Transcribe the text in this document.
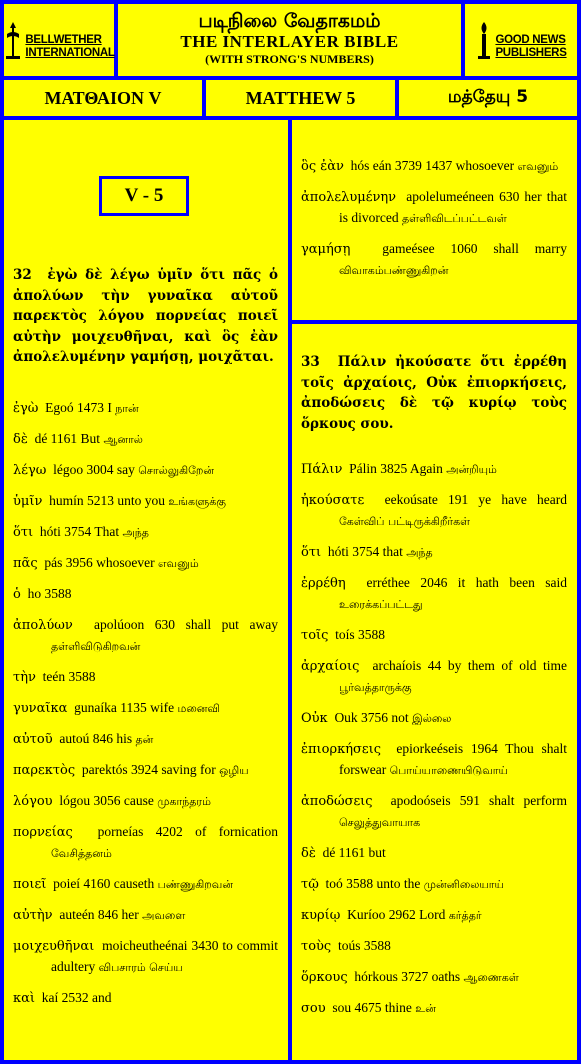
BELLWETHER
INTERNATIONAL
படிநிலை வேதாகமம்
THE INTERLAYER BIBLE
(WITH STRONG'S NUMBERS)
GOOD NEWS
PUBLISHERS
ΜΑΤΘΑΙΟΝ V	MATTHEW 5	மத்தேயு 5
V - 5
32 ἐγὼ δὲ λέγω ὑμῖν ὅτι πᾶς ὁ ἀπολύων τὴν γυναῖκα αὐτοῦ παρεκτὸς λόγου πορνείας ποιεῖ αὐτὴν μοιχευθῆναι, καὶ ὃς ἐὰν ἀπολελυμένην γαμήσῃ, μοιχᾶται.
ἐγὼ Egoó 1473 I நான்
δὲ dé 1161 But ஆனால்
λέγω légoo 3004 say சொல்லுகிறேன்
ὑμῖν humín 5213 unto you உங்களுக்கு
ὅτι hóti 3754 That அந்த
πᾶς pás 3956 whosoever எவனும்
ὁ ho 3588
ἀπολύων apolúoon 630 shall put away தள்ளிவிடுகிறவன்
τὴν teén 3588
γυναῖκα gunaíka 1135 wife மனைவி
αὐτοῦ autoú 846 his தன்
παρεκτὸς parektós 3924 saving for ஒழிய
λόγου lógou 3056 cause முகாந்தரம்
πορνείας porneías 4202 of fornication வேசித்தனம்
ποιεῖ poieí 4160 causeth பண்ணுகிறவன்
αὐτὴν auteén 846 her அவளை
μοιχευθῆναι moicheutheénai 3430 to commit adultery விபசாரம் செய்ய
καὶ kaí 2532 and
ὃς ἐὰν hós eán 3739 1437 whosoever எவனும்
ἀπολελυμένην apolelumeéneen 630 her that is divorced தள்ளிவிடப்பட்டவள்
γαμήσῃ gameésee 1060 shall marry விவாகம்பண்ணுகிறன்
33 Πάλιν ἠκούσατε ὅτι ἐρρέθη τοῖς ἀρχαίοις, Οὐκ ἐπιορκήσεις, ἀποδώσεις δὲ τῷ κυρίῳ τοὺς ὅρκους σου.
Πάλιν Pálin 3825 Again அன்றியும்
ἠκούσατε eekoúsate 191 ye have heard கேள்விப் பட்டிருக்கிறீர்கள்
ὅτι hóti 3754 that அந்த
ἐρρέθη erréthee 2046 it hath been said உரைக்கப்பட்டது
τοῖς toís 3588
ἀρχαίοις archaíois 44 by them of old time பூர்வத்தாருக்கு
Οὐκ Ouk 3756 not இல்லை
ἐπιορκήσεις epiorkeéseis 1964 Thou shalt forswear பொய்யாணையிடுவாய்
ἀποδώσεις apodoóseis 591 shalt perform செலுத்துவாயாக
δὲ dé 1161 but
τῷ toó 3588 unto the முன்னிலையாய்
κυρίῳ Kuríoo 2962 Lord கர்த்தர்
τοὺς toús 3588
ὅρκους hórkous 3727 oaths ஆணைகள்
σου sou 4675 thine உன்
